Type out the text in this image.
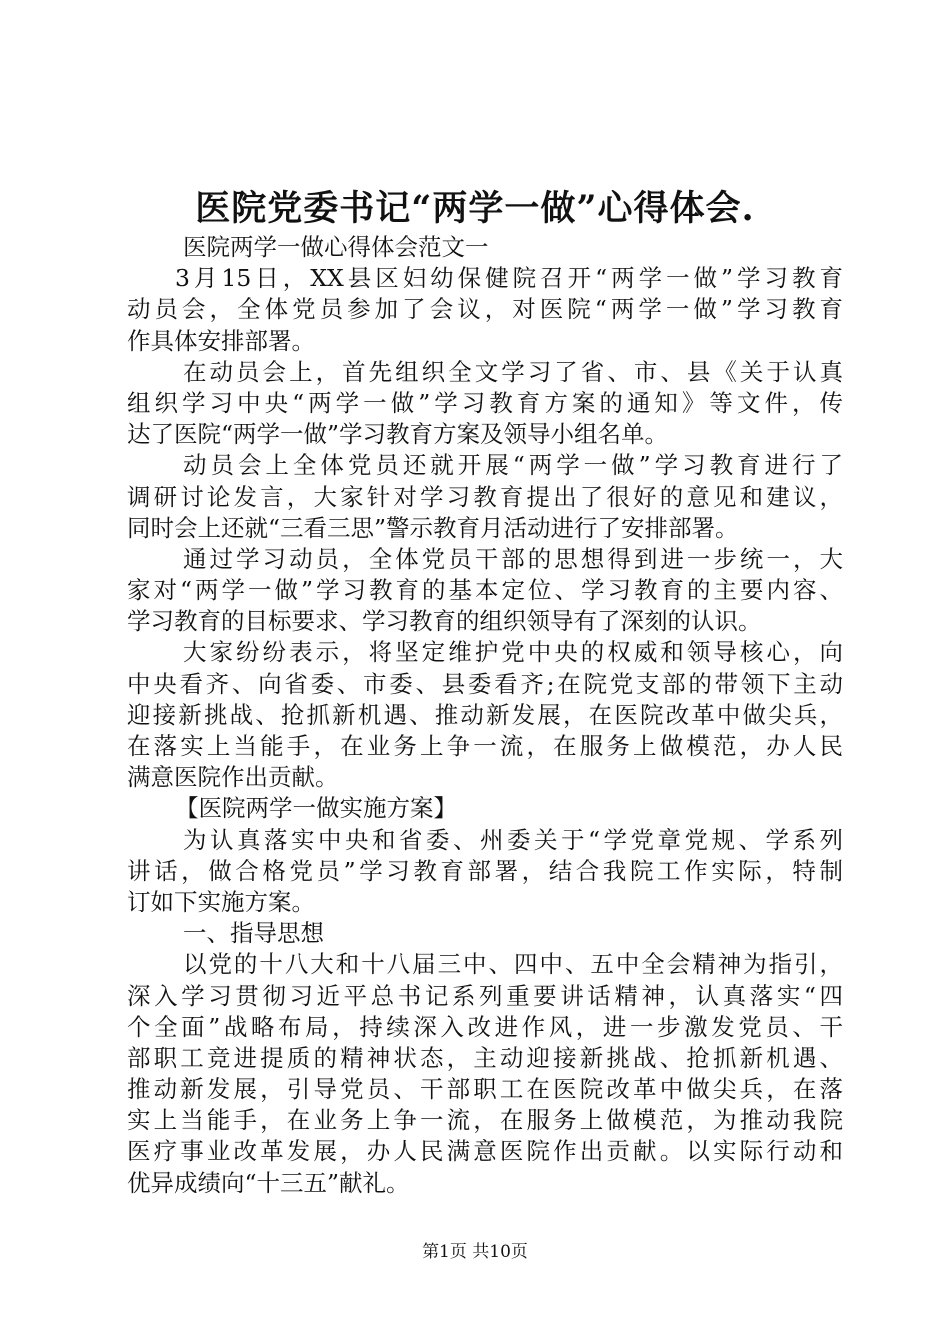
医院党委书记“两学一做”心得体会.
医院两学一做心得体会范文一
3月15日，XX县区妇幼保健院召开“两学一做”学习教育
动员会，全体党员参加了会议，对医院“两学一做”学习教育
作具体安排部署。
在动员会上，首先组织全文学习了省、市、县《关于认真
组织学习中央“两学一做”学习教育方案的通知》等文件，传
达了医院“两学一做”学习教育方案及领导小组名单。
动员会上全体党员还就开展“两学一做”学习教育进行了
调研讨论发言，大家针对学习教育提出了很好的意见和建议，
同时会上还就“三看三思”警示教育月活动进行了安排部署。
通过学习动员，全体党员干部的思想得到进一步统一，大
家对“两学一做”学习教育的基本定位、学习教育的主要内容、
学习教育的目标要求、学习教育的组织领导有了深刻的认识。
大家纷纷表示，将坚定维护党中央的权威和领导核心，向
中央看齐、向省委、市委、县委看齐;在院党支部的带领下主动
迎接新挑战、抢抓新机遇、推动新发展，在医院改革中做尖兵，
在落实上当能手，在业务上争一流，在服务上做模范，办人民
满意医院作出贡献。
【医院两学一做实施方案】
为认真落实中央和省委、州委关于“学党章党规、学系列
讲话，做合格党员”学习教育部署，结合我院工作实际，特制
订如下实施方案。
一、指导思想
以党的十八大和十八届三中、四中、五中全会精神为指引，
深入学习贯彻习近平总书记系列重要讲话精神，认真落实“四
个全面”战略布局，持续深入改进作风，进一步激发党员、干
部职工竞进提质的精神状态，主动迎接新挑战、抢抓新机遇、
推动新发展，引导党员、干部职工在医院改革中做尖兵，在落
实上当能手，在业务上争一流，在服务上做模范，为推动我院
医疗事业改革发展，办人民满意医院作出贡献。以实际行动和
优异成绩向“十三五”献礼。
第1页 共10页
